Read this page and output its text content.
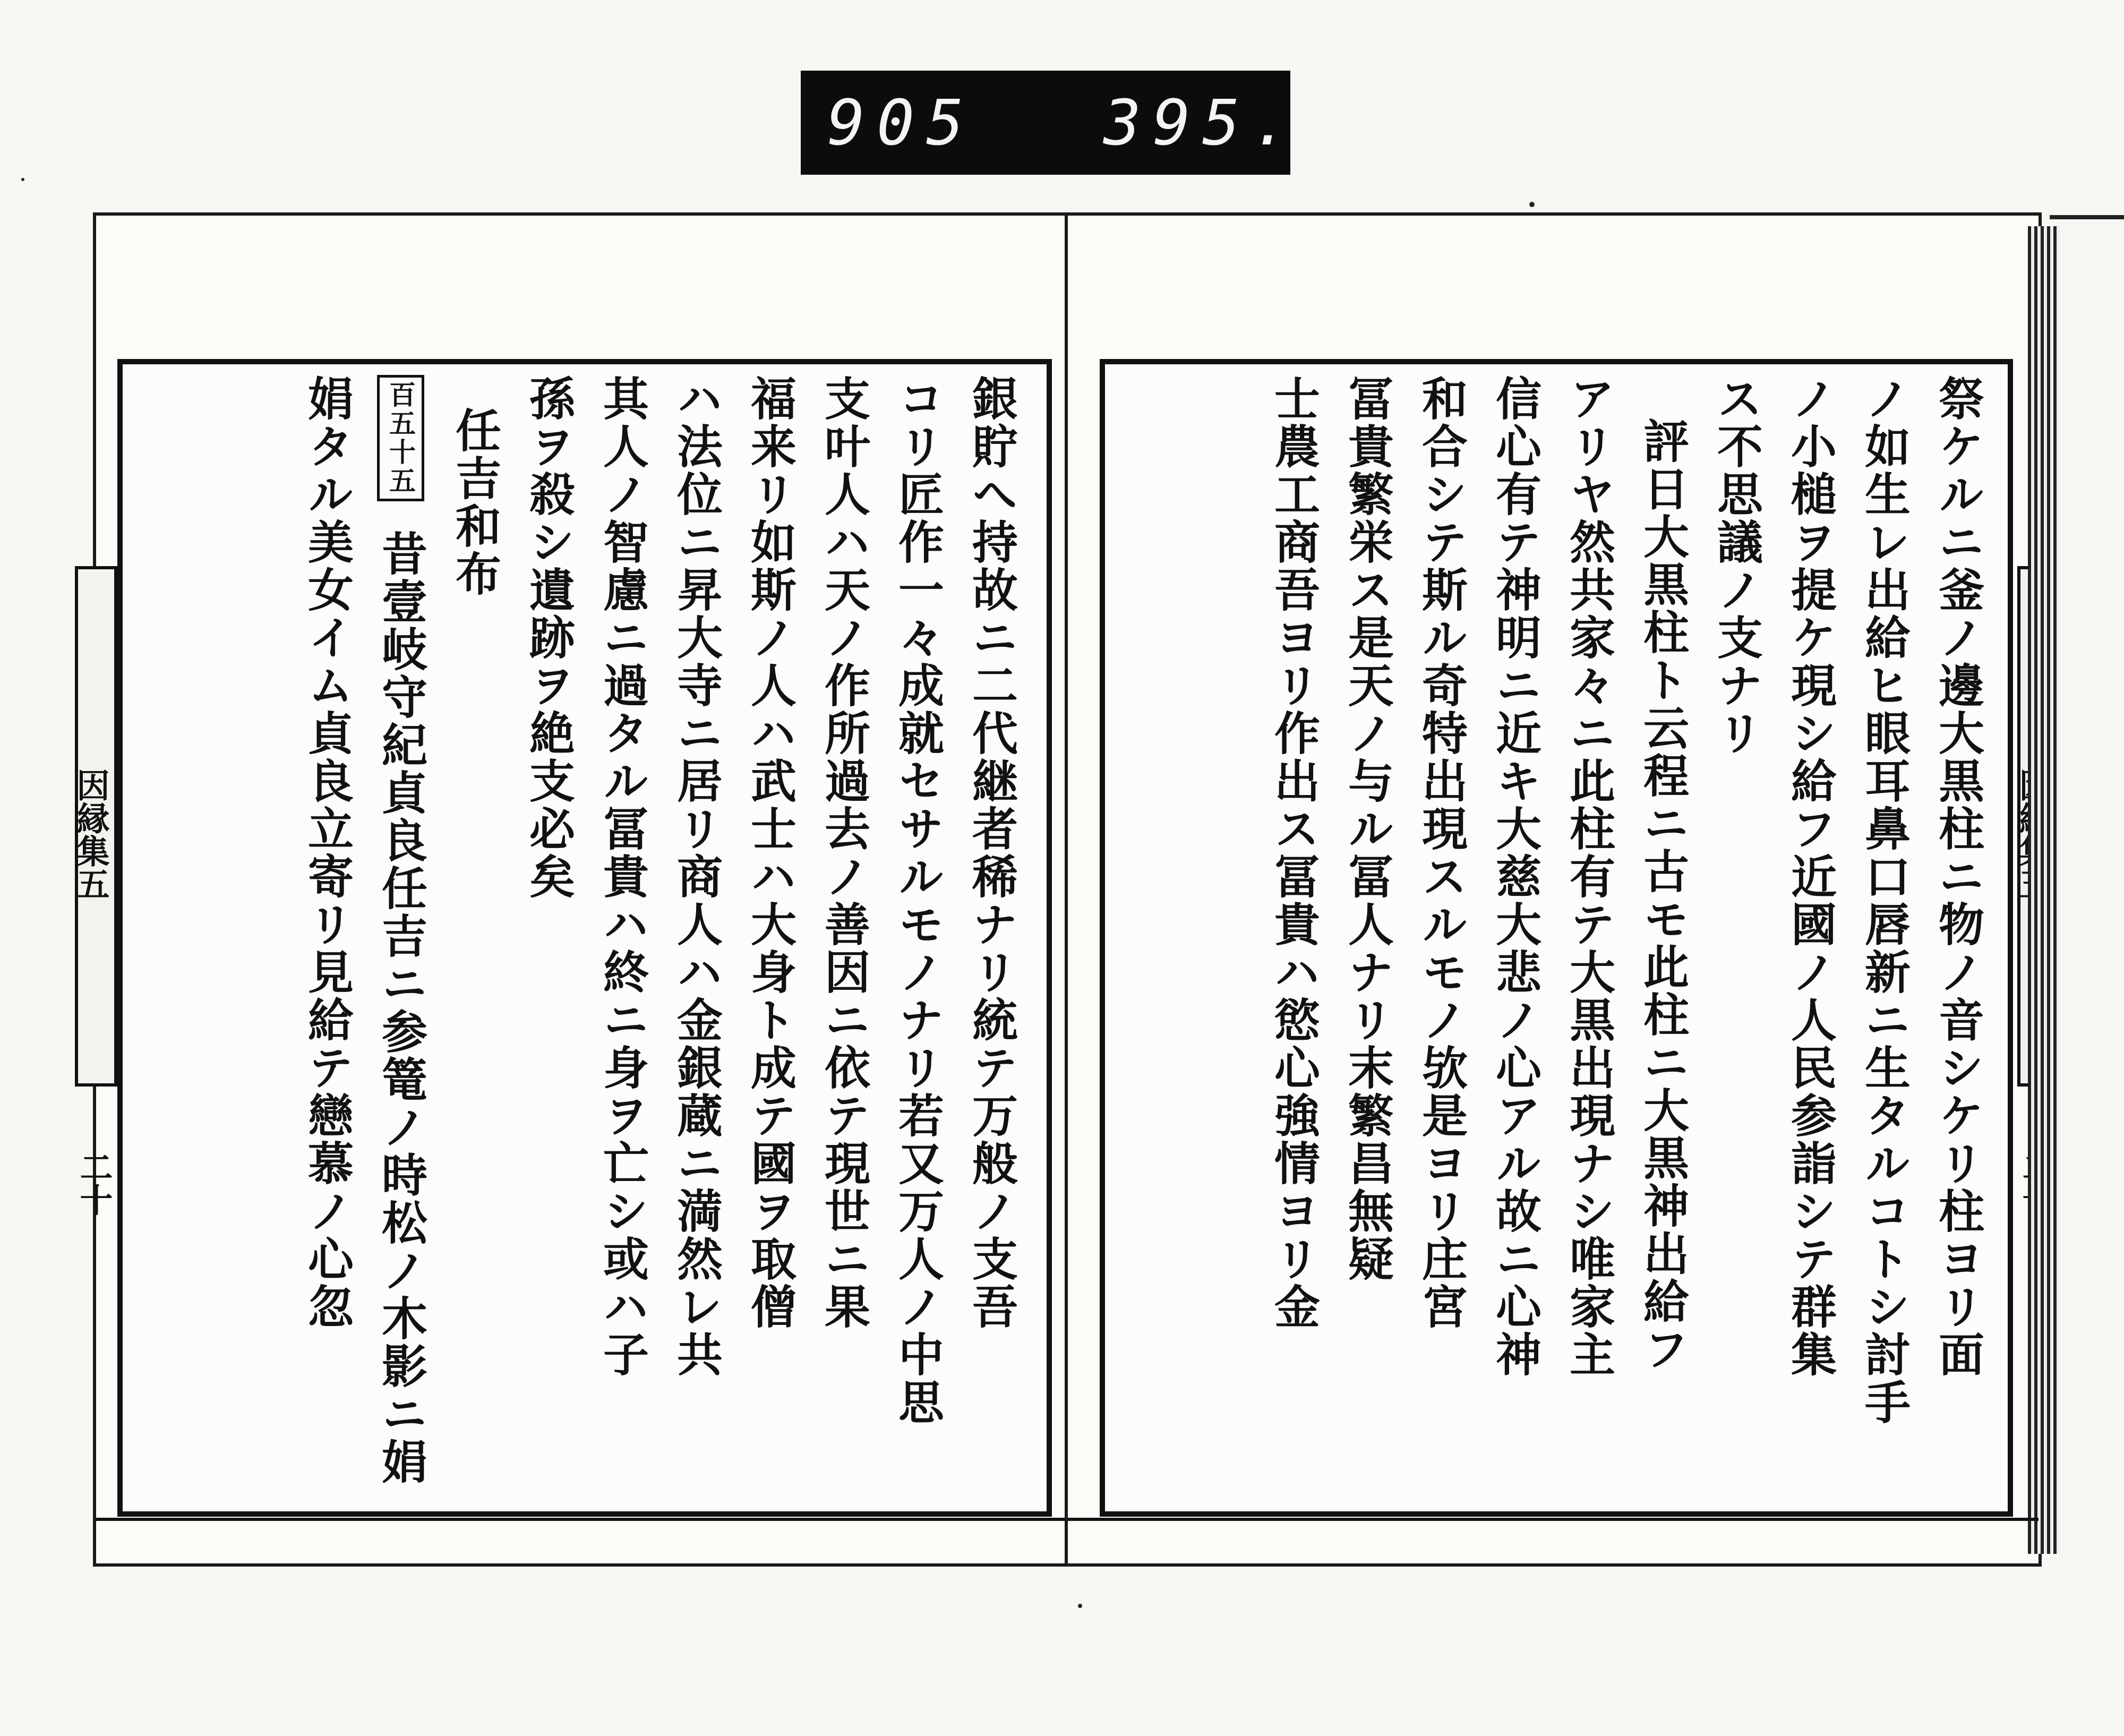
905 395.
銀貯へ持故ニ二代継者稀ナリ統テ万般ノ支吾
コリ匠作一々成就セサルモノナリ若又万人ノ中思
支叶人ハ天ノ作所過去ノ善因ニ依テ現世ニ果
福来リ如斯ノ人ハ武士ハ大身ト成テ國ヲ取僧
ハ法位ニ昇大寺ニ居リ商人ハ金銀蔵ニ満然レ共
其人ノ智慮ニ過タル冨貴ハ終ニ身ヲ亡シ或ハ子
孫ヲ殺シ遺跡ヲ絶支必矣
任吉和布
百五十五 昔壹岐守紀貞良任吉ニ参篭ノ時松ノ木影ニ娟
娟タル美女イム貞良立寄リ見給テ戀慕ノ心忽
因縁集五
二十	祭ケルニ釜ノ邊大黒柱ニ物ノ音シケリ柱ヨリ面
ノ如生レ出給ヒ眼耳鼻口唇新ニ生タルコトシ討手
ノ小槌ヲ提ケ現シ給フ近國ノ人民参詣シテ群集
ス不思議ノ支ナリ
評日大黒柱ト云程ニ古モ此柱ニ大黒神出給フ
アリヤ然共家々ニ此柱有テ大黒出現ナシ唯家主
信心有テ神明ニ近キ大慈大悲ノ心アル故ニ心神
和合シテ斯ル奇特出現スルモノ欤是ヨリ庄宮
冨貴繁栄ス是天ノ与ル冨人ナリ末繁昌無疑
士農工商吾ヨリ作出ス冨貴ハ慾心強情ヨリ金
